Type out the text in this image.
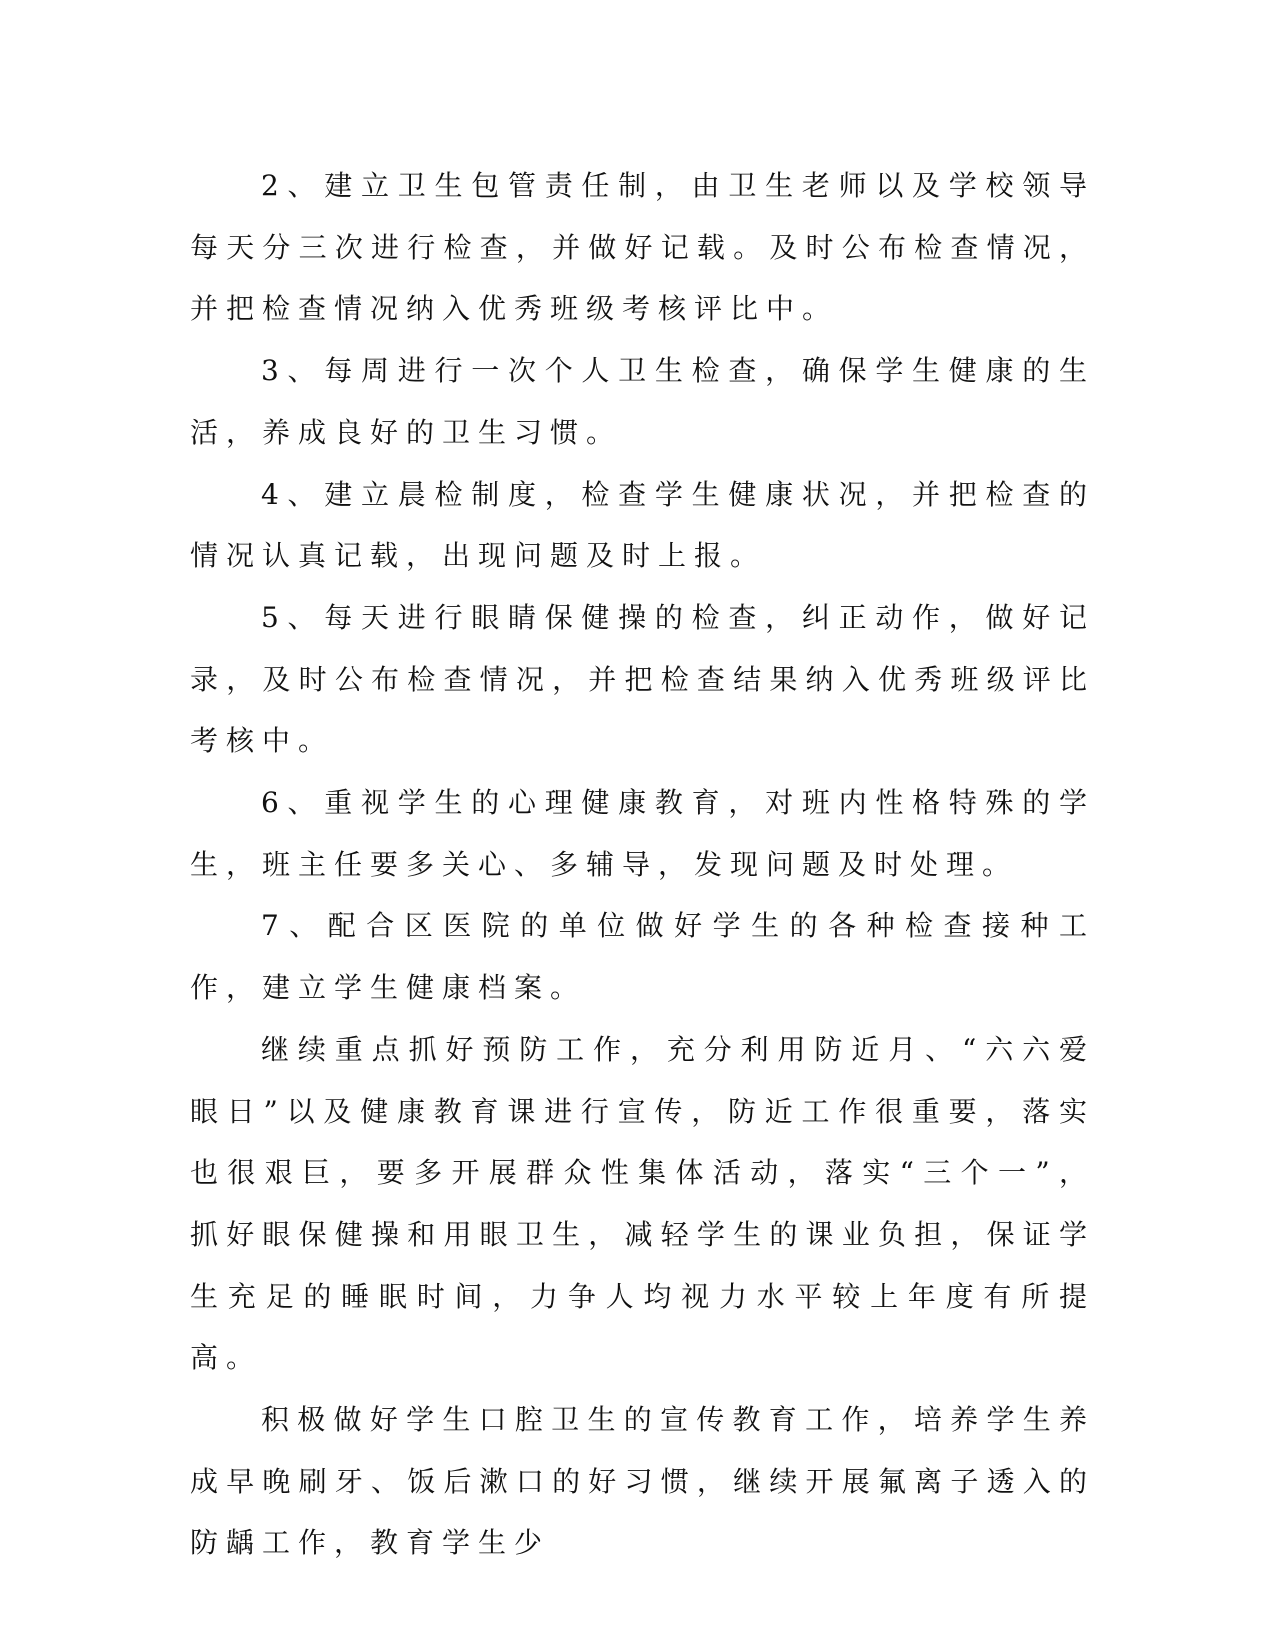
2、建立卫生包管责任制，由卫生老师以及学校领导每天分三次进行检查，并做好记载。及时公布检查情况，并把检查情况纳入优秀班级考核评比中。

3、每周进行一次个人卫生检查，确保学生健康的生活，养成良好的卫生习惯。

4、建立晨检制度，检查学生健康状况，并把检查的情况认真记载，出现问题及时上报。

5、每天进行眼睛保健操的检查，纠正动作，做好记录，及时公布检查情况，并把检查结果纳入优秀班级评比考核中。

6、重视学生的心理健康教育，对班内性格特殊的学生，班主任要多关心、多辅导，发现问题及时处理。

7、配合区医院的单位做好学生的各种检查接种工作，建立学生健康档案。

继续重点抓好预防工作，充分利用防近月、“六六爱眼日”以及健康教育课进行宣传，防近工作很重要，落实也很艰巨，要多开展群众性集体活动，落实“三个一”，抓好眼保健操和用眼卫生，减轻学生的课业负担，保证学生充足的睡眠时间，力争人均视力水平较上年度有所提高。

积极做好学生口腔卫生的宣传教育工作，培养学生养成早晚刷牙、饭后漱口的好习惯，继续开展氟离子透入的防龋工作，教育学生少
